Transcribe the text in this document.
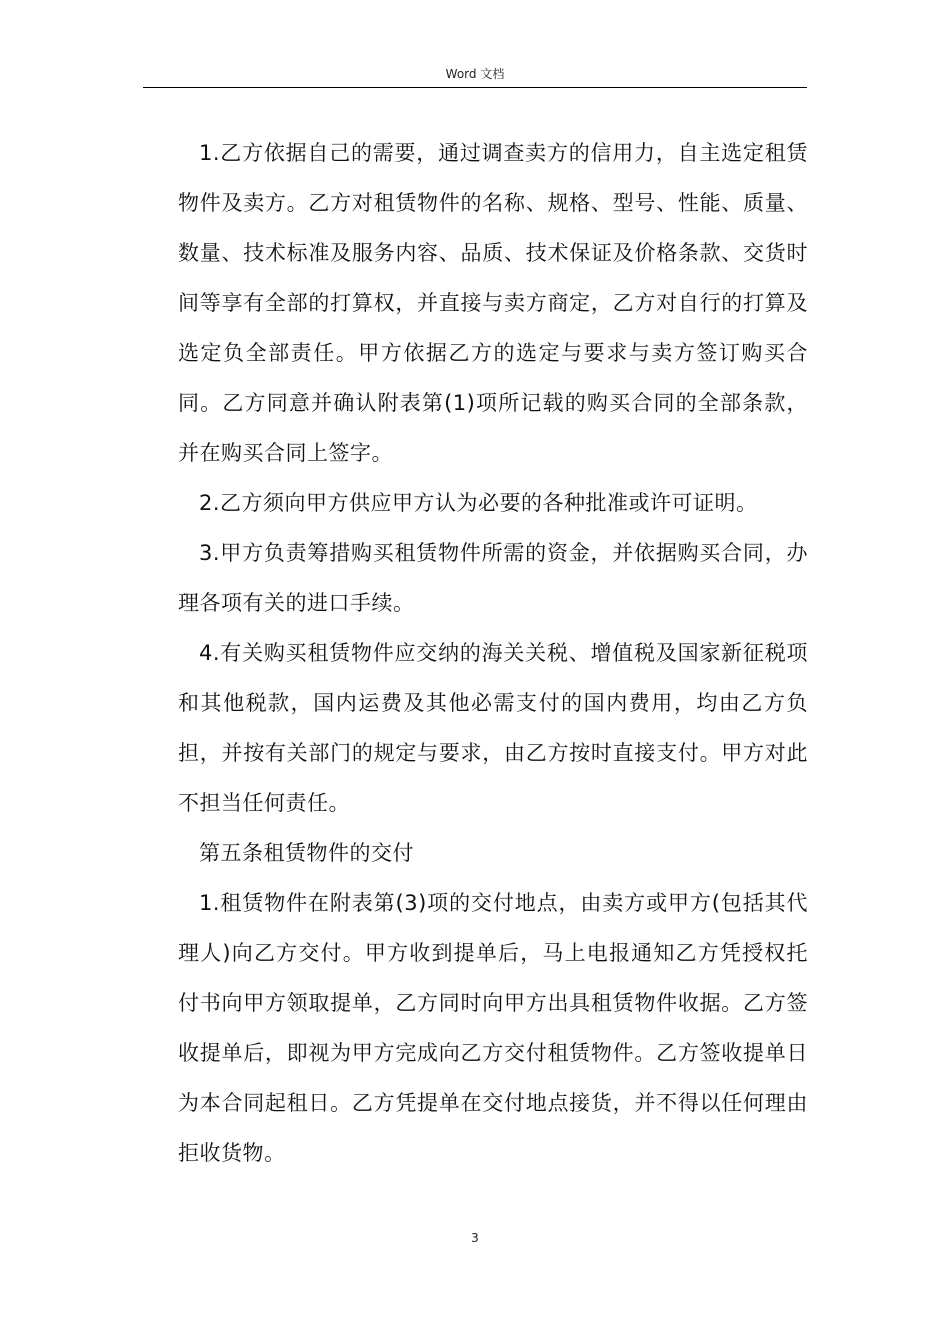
Word 文档

1.乙方依据自己的需要，通过调查卖方的信用力，自主选定租赁物件及卖方。乙方对租赁物件的名称、规格、型号、性能、质量、数量、技术标准及服务内容、品质、技术保证及价格条款、交货时间等享有全部的打算权，并直接与卖方商定，乙方对自行的打算及选定负全部责任。甲方依据乙方的选定与要求与卖方签订购买合同。乙方同意并确认附表第(1)项所记载的购买合同的全部条款，并在购买合同上签字。

2.乙方须向甲方供应甲方认为必要的各种批准或许可证明。

3.甲方负责筹措购买租赁物件所需的资金，并依据购买合同，办理各项有关的进口手续。

4.有关购买租赁物件应交纳的海关关税、增值税及国家新征税项和其他税款，国内运费及其他必需支付的国内费用，均由乙方负担，并按有关部门的规定与要求，由乙方按时直接支付。甲方对此不担当任何责任。

第五条租赁物件的交付

1.租赁物件在附表第(3)项的交付地点，由卖方或甲方(包括其代理人)向乙方交付。甲方收到提单后，马上电报通知乙方凭授权托付书向甲方领取提单，乙方同时向甲方出具租赁物件收据。乙方签收提单后，即视为甲方完成向乙方交付租赁物件。乙方签收提单日为本合同起租日。乙方凭提单在交付地点接货，并不得以任何理由拒收货物。

3
